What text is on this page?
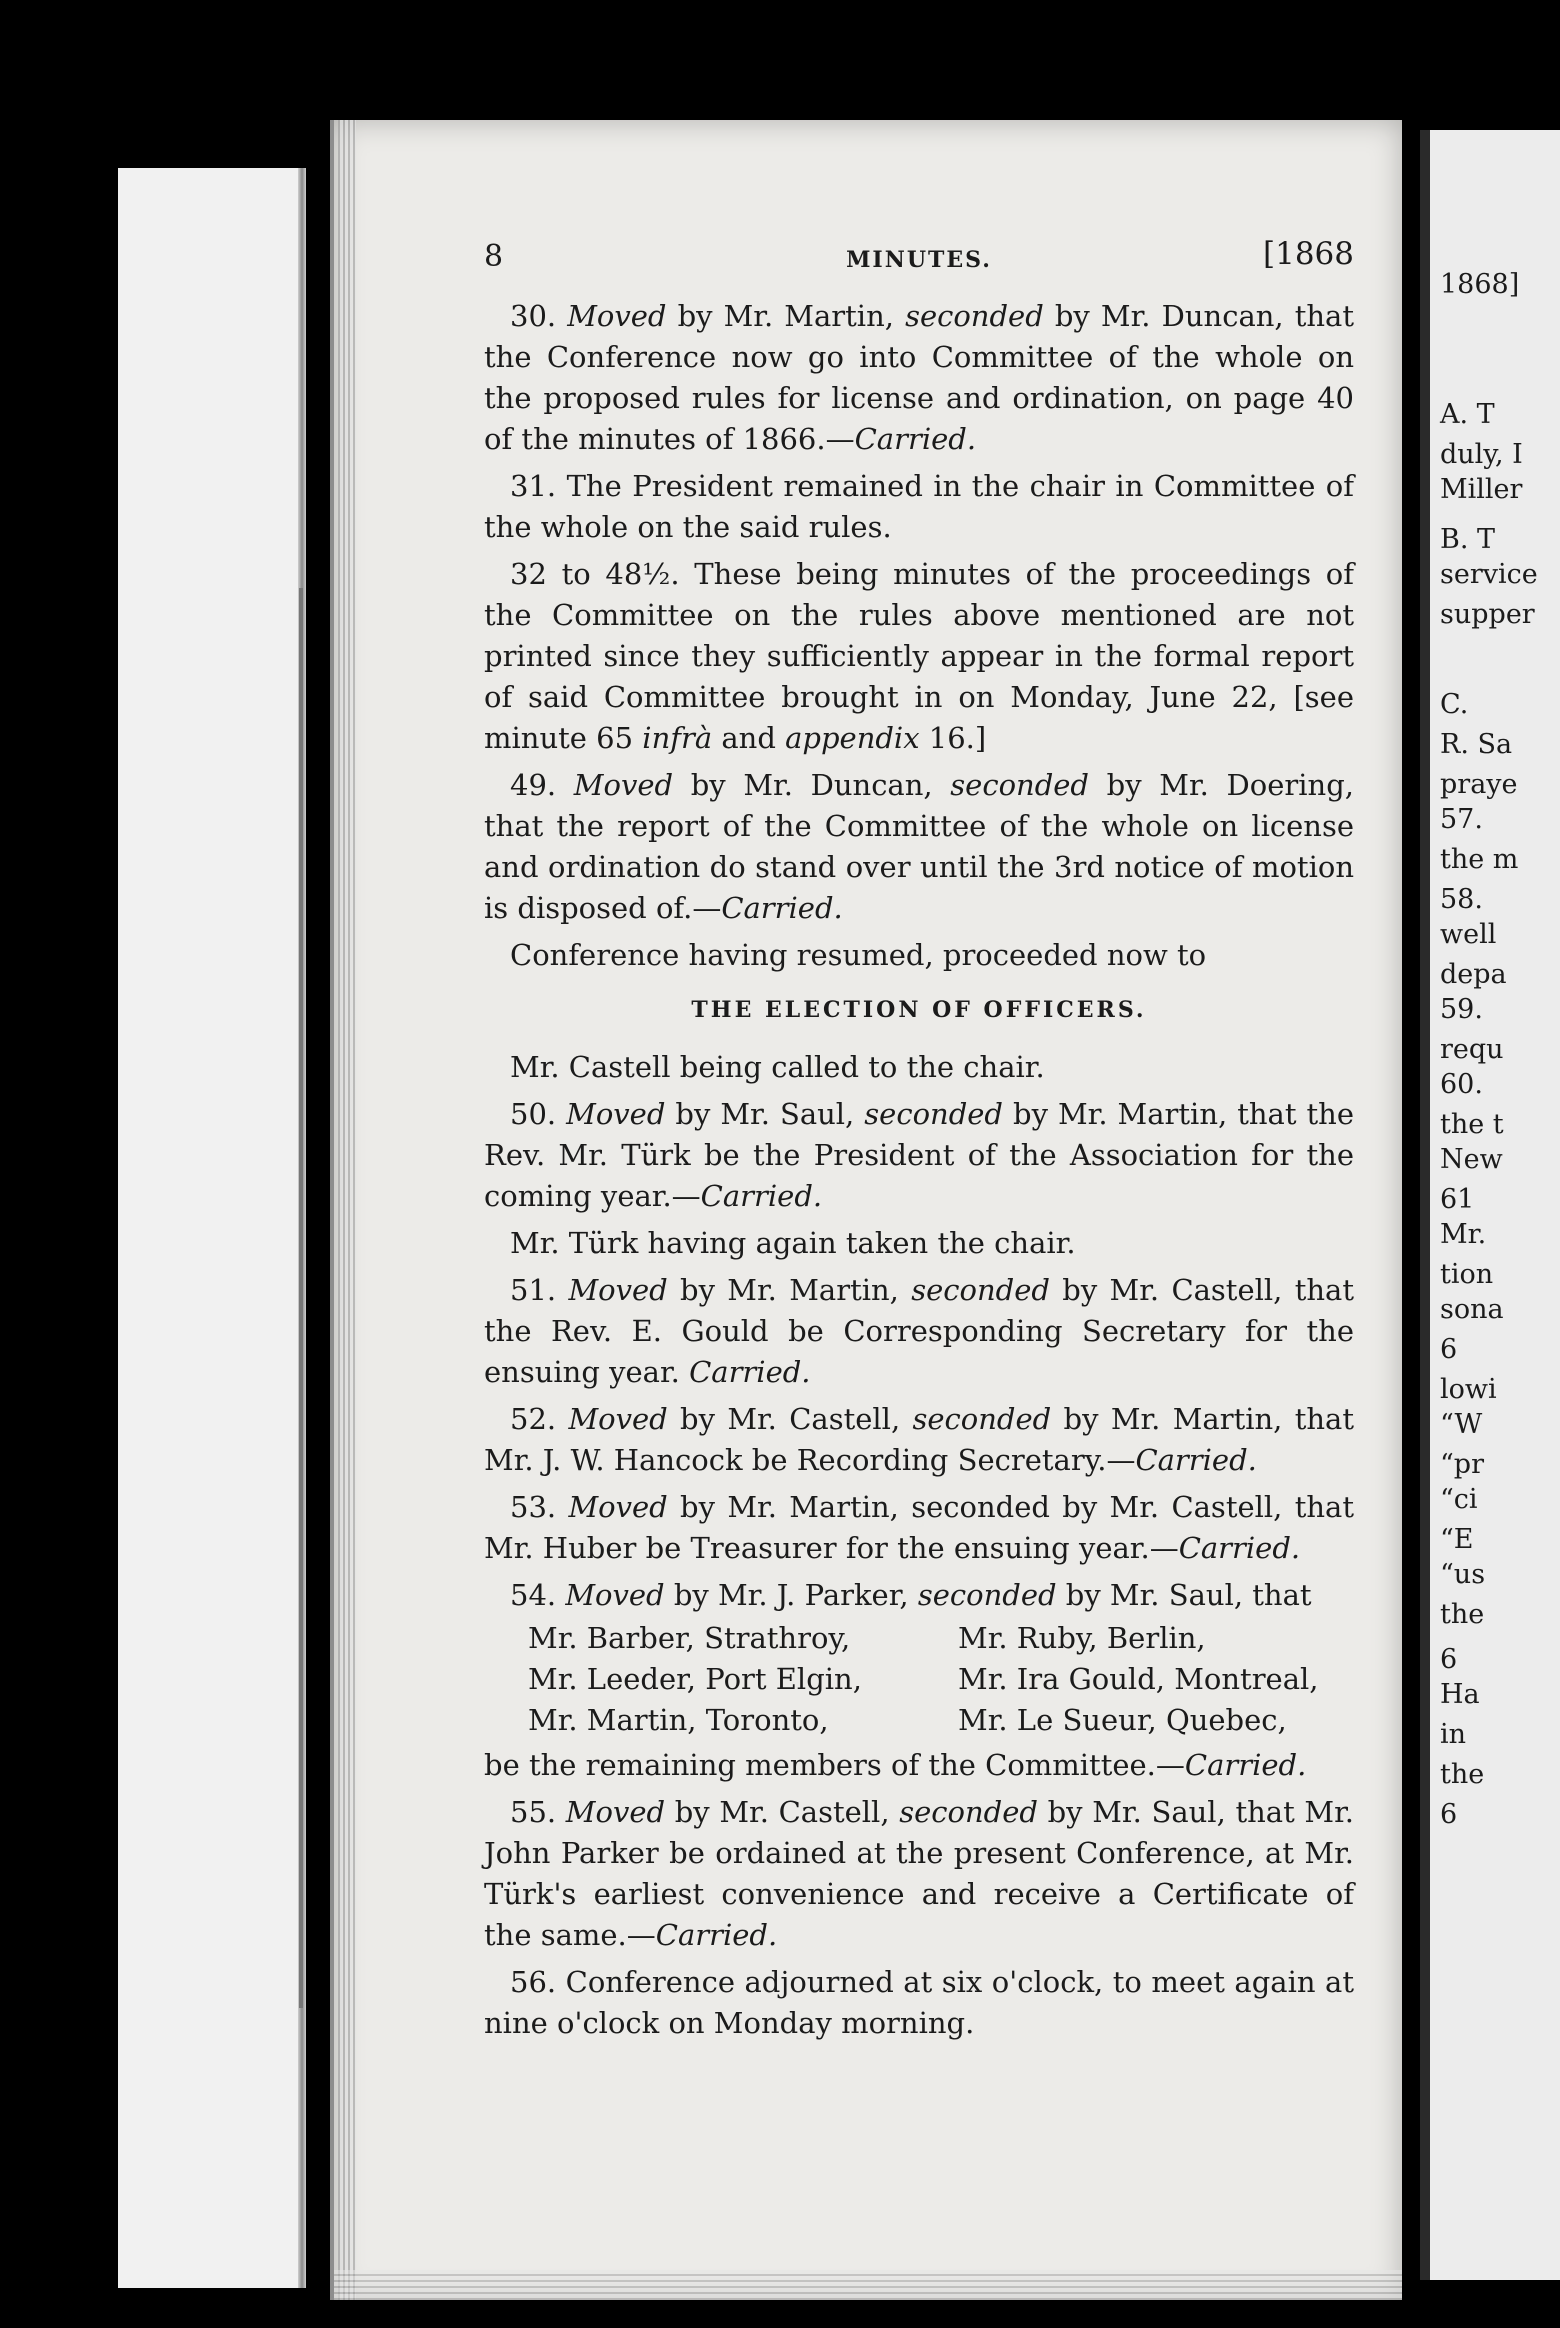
8	MINUTES.	[1868

30. Moved by Mr. Martin, seconded by Mr. Duncan, that the Conference now go into Committee of the whole on the proposed rules for license and ordination, on page 40 of the minutes of 1866.—Carried.

31. The President remained in the chair in Committee of the whole on the said rules.

32 to 48½. These being minutes of the proceedings of the Committee on the rules above mentioned are not printed since they sufficiently appear in the formal report of said Committee brought in on Monday, June 22, [see minute 65 infrà and appendix 16.]

49. Moved by Mr. Duncan, seconded by Mr. Doering, that the report of the Committee of the whole on license and ordination do stand over until the 3rd notice of motion is disposed of.—Carried.

Conference having resumed, proceeded now to

THE ELECTION OF OFFICERS.

Mr. Castell being called to the chair.

50. Moved by Mr. Saul, seconded by Mr. Martin, that the Rev. Mr. Türk be the President of the Association for the coming year.—Carried.

Mr. Türk having again taken the chair.

51. Moved by Mr. Martin, seconded by Mr. Castell, that the Rev. E. Gould be Corresponding Secretary for the ensuing year. Carried.

52. Moved by Mr. Castell, seconded by Mr. Martin, that Mr. J. W. Hancock be Recording Secretary.—Carried.

53. Moved by Mr. Martin, seconded by Mr. Castell, that Mr. Huber be Treasurer for the ensuing year.—Carried.

54. Moved by Mr. J. Parker, seconded by Mr. Saul, that

Mr. Barber, Strathroy,	Mr. Ruby, Berlin,
Mr. Leeder, Port Elgin,	Mr. Ira Gould, Montreal,
Mr. Martin, Toronto,	Mr. Le Sueur, Quebec,

be the remaining members of the Committee.—Carried.

55. Moved by Mr. Castell, seconded by Mr. Saul, that Mr. John Parker be ordained at the present Conference, at Mr. Türk's earliest convenience and receive a Certificate of the same.—Carried.

56. Conference adjourned at six o'clock, to meet again at nine o'clock on Monday morning.

1868]
A. T
duly, I
Miller
B. T
service
supper
C.
R. Sa
praye
57.
the m
58.
well
depa
59.
requ
60.
the t
New
61
Mr.
tion
sona
6
lowi
“W
“pr
“ci
“E
“us
the
6
Ha
in
the
6
